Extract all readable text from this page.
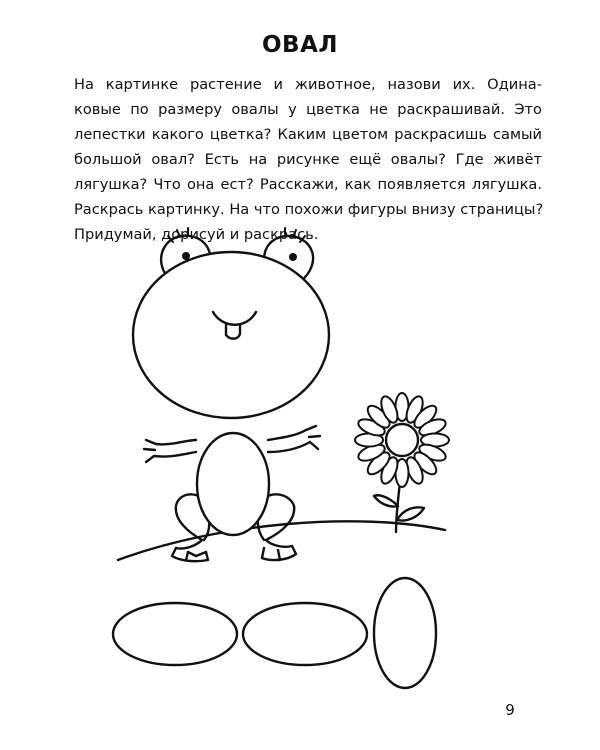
ОВАЛ
На картинке растение и животное, назови их. Одина-
ковые по размеру овалы у цветка не раскрашивай. Это
лепестки какого цветка? Каким цветом раскрасишь самый
большой овал? Есть на рисунке ещё овалы? Где живёт
лягушка? Что она ест? Расскажи, как появляется лягушка.
Раскрась картинку. На что похожи фигуры внизу страницы?
Придумай, дорисуй и раскрась.
9
